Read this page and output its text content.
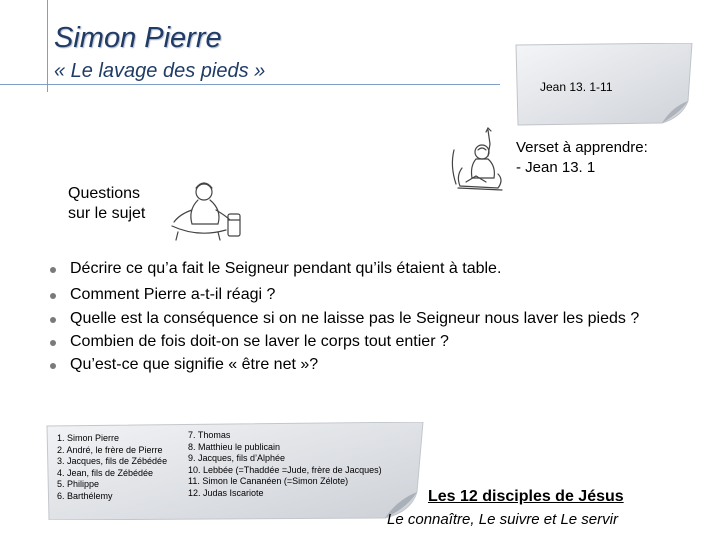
Simon Pierre
« Le lavage des pieds »
Jean 13. 1-11
Verset à apprendre:
- Jean 13. 1
Questions
sur le sujet
Décrire ce qu’a fait le Seigneur pendant qu’ils étaient à table.
Comment Pierre a-t-il réagi ?
Quelle est la conséquence si on ne laisse pas le Seigneur nous laver les pieds ?
Combien de fois doit-on se laver le corps tout entier ?
Qu’est-ce que signifie « être net »?
1. Simon Pierre
2. André, le frère de Pierre
3. Jacques, fils de Zébédée
4. Jean, fils de Zébédée
5. Philippe
6. Barthélemy
7. Thomas
8. Matthieu le publicain
9. Jacques, fils d’Alphée
10. Lebbée (=Thaddée =Jude, frère de Jacques)
11. Simon le Cananéen (=Simon Zélote)
12. Judas Iscariote	Les 12 disciples de Jésus
Le connaître, Le suivre et Le servir
